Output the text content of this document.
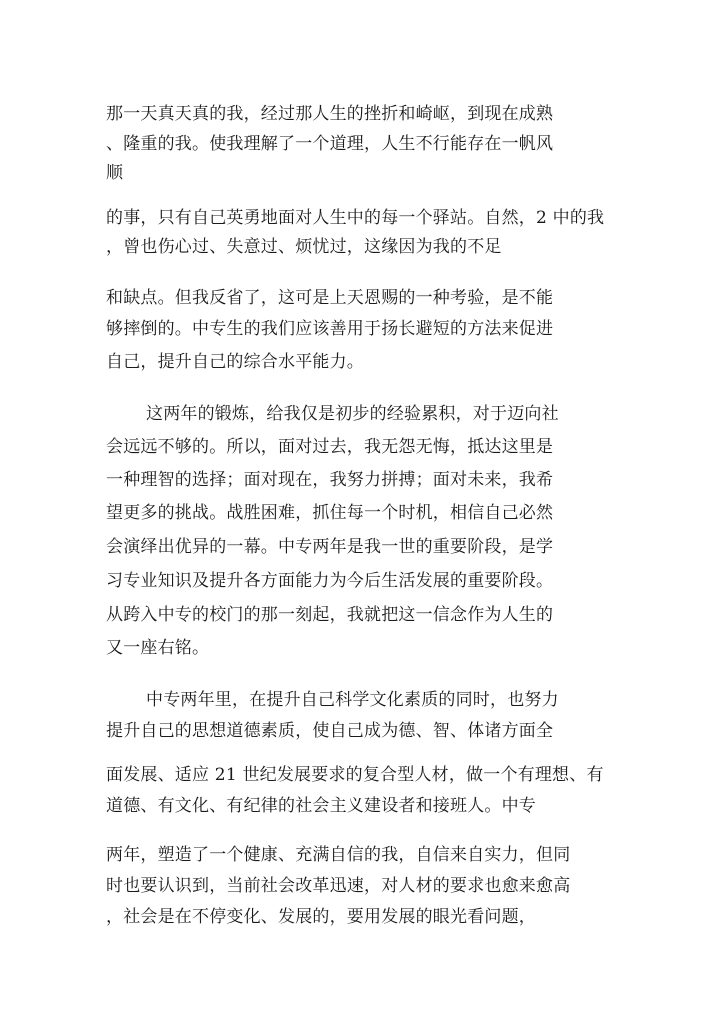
那一天真天真的我，经过那人生的挫折和崎岖，到现在成熟
、隆重的我。使我理解了一个道理，人生不行能存在一帆风
顺
的事，只有自己英勇地面对人生中的每一个驿站。自然，2 中的我
，曾也伤心过、失意过、烦忧过，这缘因为我的不足
和缺点。但我反省了，这可是上天恩赐的一种考验，是不能
够摔倒的。中专生的我们应该善用于扬长避短的方法来促进
自己，提升自己的综合水平能力。
这两年的锻炼，给我仅是初步的经验累积，对于迈向社
会远远不够的。所以，面对过去，我无怨无悔，抵达这里是
一种理智的选择；面对现在，我努力拼搏；面对未来，我希
望更多的挑战。战胜困难，抓住每一个时机，相信自己必然
会演绎出优异的一幕。中专两年是我一世的重要阶段，是学
习专业知识及提升各方面能力为今后生活发展的重要阶段。
从跨入中专的校门的那一刻起，我就把这一信念作为人生的
又一座右铭。
中专两年里，在提升自己科学文化素质的同时，也努力
提升自己的思想道德素质，使自己成为德、智、体诸方面全
面发展、适应 21 世纪发展要求的复合型人材，做一个有理想、有
道德、有文化、有纪律的社会主义建设者和接班人。中专
两年，塑造了一个健康、充满自信的我，自信来自实力，但同
时也要认识到，当前社会改革迅速，对人材的要求也愈来愈高
，社会是在不停变化、发展的，要用发展的眼光看问题，
